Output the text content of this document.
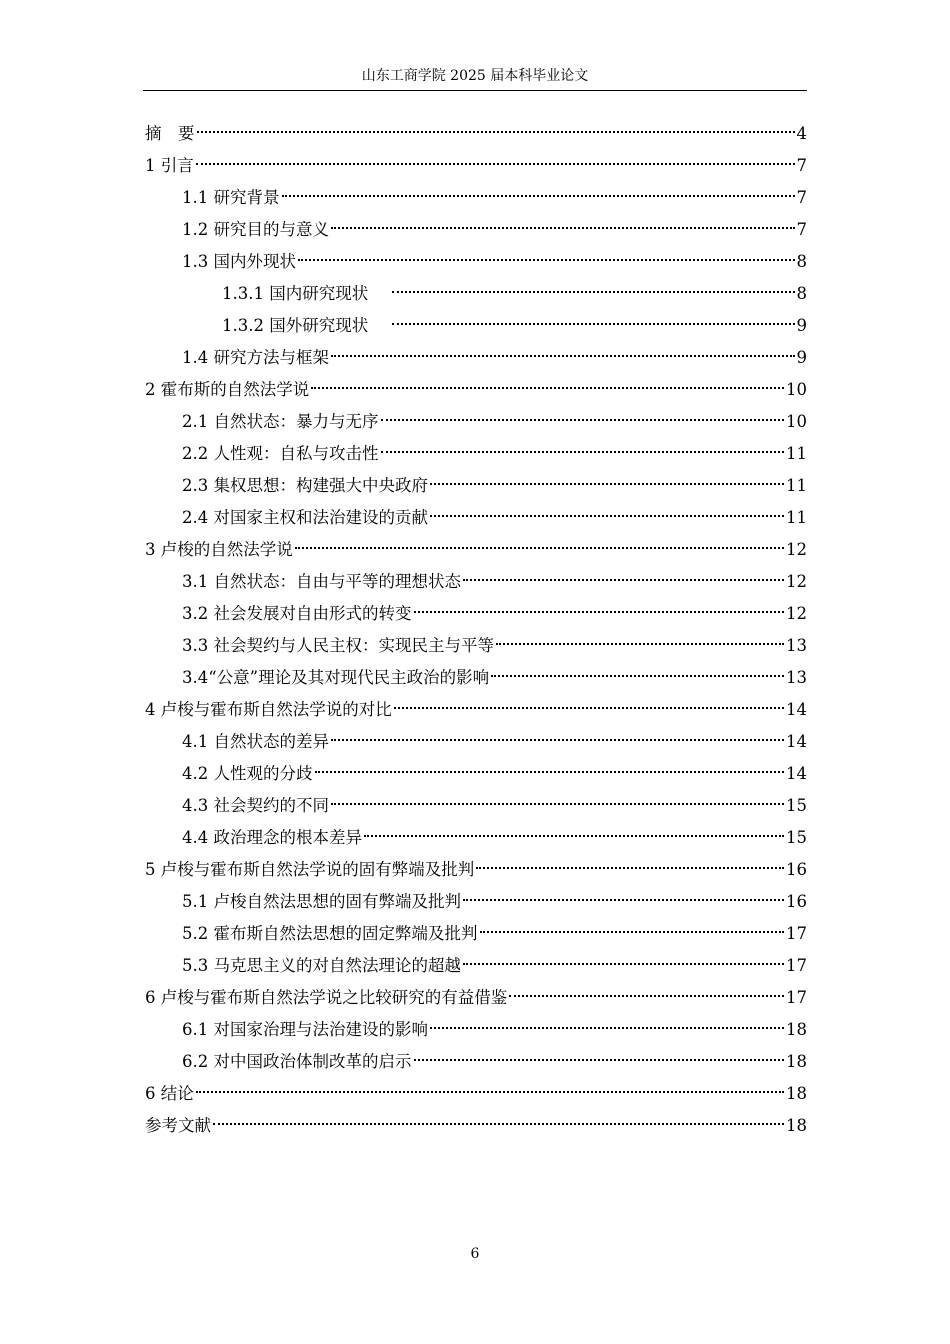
山东工商学院 2025 届本科毕业论文
摘　要	4
1 引言	7
1.1 研究背景	7
1.2 研究目的与意义	7
1.3 国内外现状	8
1.3.1 国内研究现状	8
1.3.2 国外研究现状	9
1.4 研究方法与框架	9
2 霍布斯的自然法学说	10
2.1 自然状态：暴力与无序	10
2.2 人性观：自私与攻击性	11
2.3 集权思想：构建强大中央政府	11
2.4 对国家主权和法治建设的贡献	11
3 卢梭的自然法学说	12
3.1 自然状态：自由与平等的理想状态	12
3.2 社会发展对自由形式的转变	12
3.3 社会契约与人民主权：实现民主与平等	13
3.4“公意”理论及其对现代民主政治的影响	13
4 卢梭与霍布斯自然法学说的对比	14
4.1 自然状态的差异	14
4.2 人性观的分歧	14
4.3 社会契约的不同	15
4.4 政治理念的根本差异	15
5 卢梭与霍布斯自然法学说的固有弊端及批判	16
5.1 卢梭自然法思想的固有弊端及批判	16
5.2 霍布斯自然法思想的固定弊端及批判	17
5.3 马克思主义的对自然法理论的超越	17
6 卢梭与霍布斯自然法学说之比较研究的有益借鉴	17
6.1 对国家治理与法治建设的影响	18
6.2 对中国政治体制改革的启示	18
6 结论	18
参考文献	18
6
